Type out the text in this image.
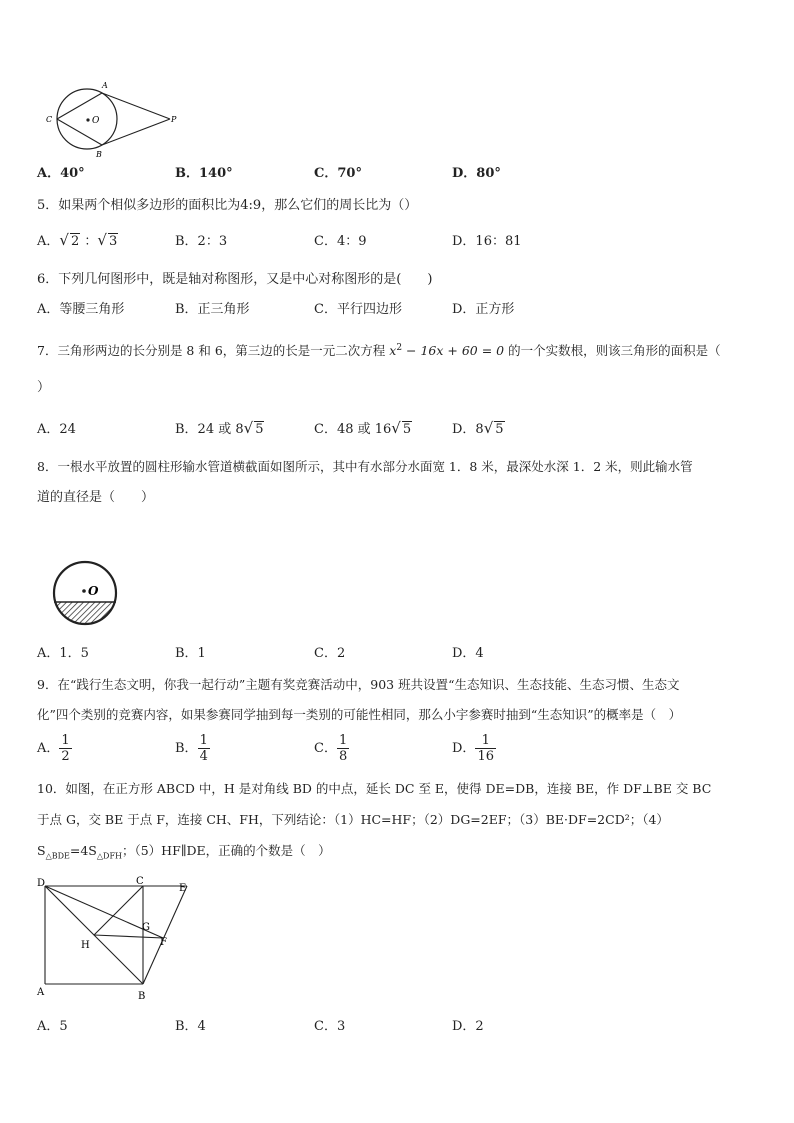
A
B
C	O	P
A．40°	B．140°	C．70°	D．80°
5．如果两个相似多边形的面积比为4:9，那么它们的周长比为（）
A．√ 2 ：√ 3	B．2：3	C．4：9	D．16：81
6．下列几何图形中，既是轴对称图形，又是中心对称图形的是(　　)
A．等腰三角形	B．正三角形	C．平行四边形	D．正方形
7．三角形两边的长分别是 8 和 6，第三边的长是一元二次方程 $x^2 - 16x + 60 = 0$ 的一个实数根，则该三角形的面积是（
）
A．24	B．24 或 8√ 5	C．48 或 16√ 5	D．8√ 5
8．一根水平放置的圆柱形输水管道横截面如图所示，其中有水部分水面宽 1．8 米，最深处水深 1．2 米，则此输水管
道的直径是（　　）
O
A．1．5	B．1	C．2	D．4
9．在“践行生态文明，你我一起行动”主题有奖竞赛活动中，903 班共设置“生态知识、生态技能、生态习惯、生态文
化”四个类别的竞赛内容，如果参赛同学抽到每一类别的可能性相同，那么小宇参赛时抽到“生态知识”的概率是（　）
A． $\frac{1}{2}$	B． $\frac{1}{4}$	C． $\frac{1}{8}$	D． $\frac{1}{16}$
10．如图，在正方形 ABCD 中，H 是对角线 BD 的中点，延长 DC 至 E，使得 DE=DB，连接 BE，作 DF⊥BE 交 BC
于点 G，交 BE 于点 F，连接 CH、FH，下列结论：（1）HC=HF；（2）DG=2EF；（3）BE·DF=2CD²；（4）
$S_{\triangle BDE}=4S_{\triangle DFH}$；（5）HF∥DE，正确的个数是（　）
D	C
E
G
F
H
A	B
A．5	B．4	C．3	D．2
